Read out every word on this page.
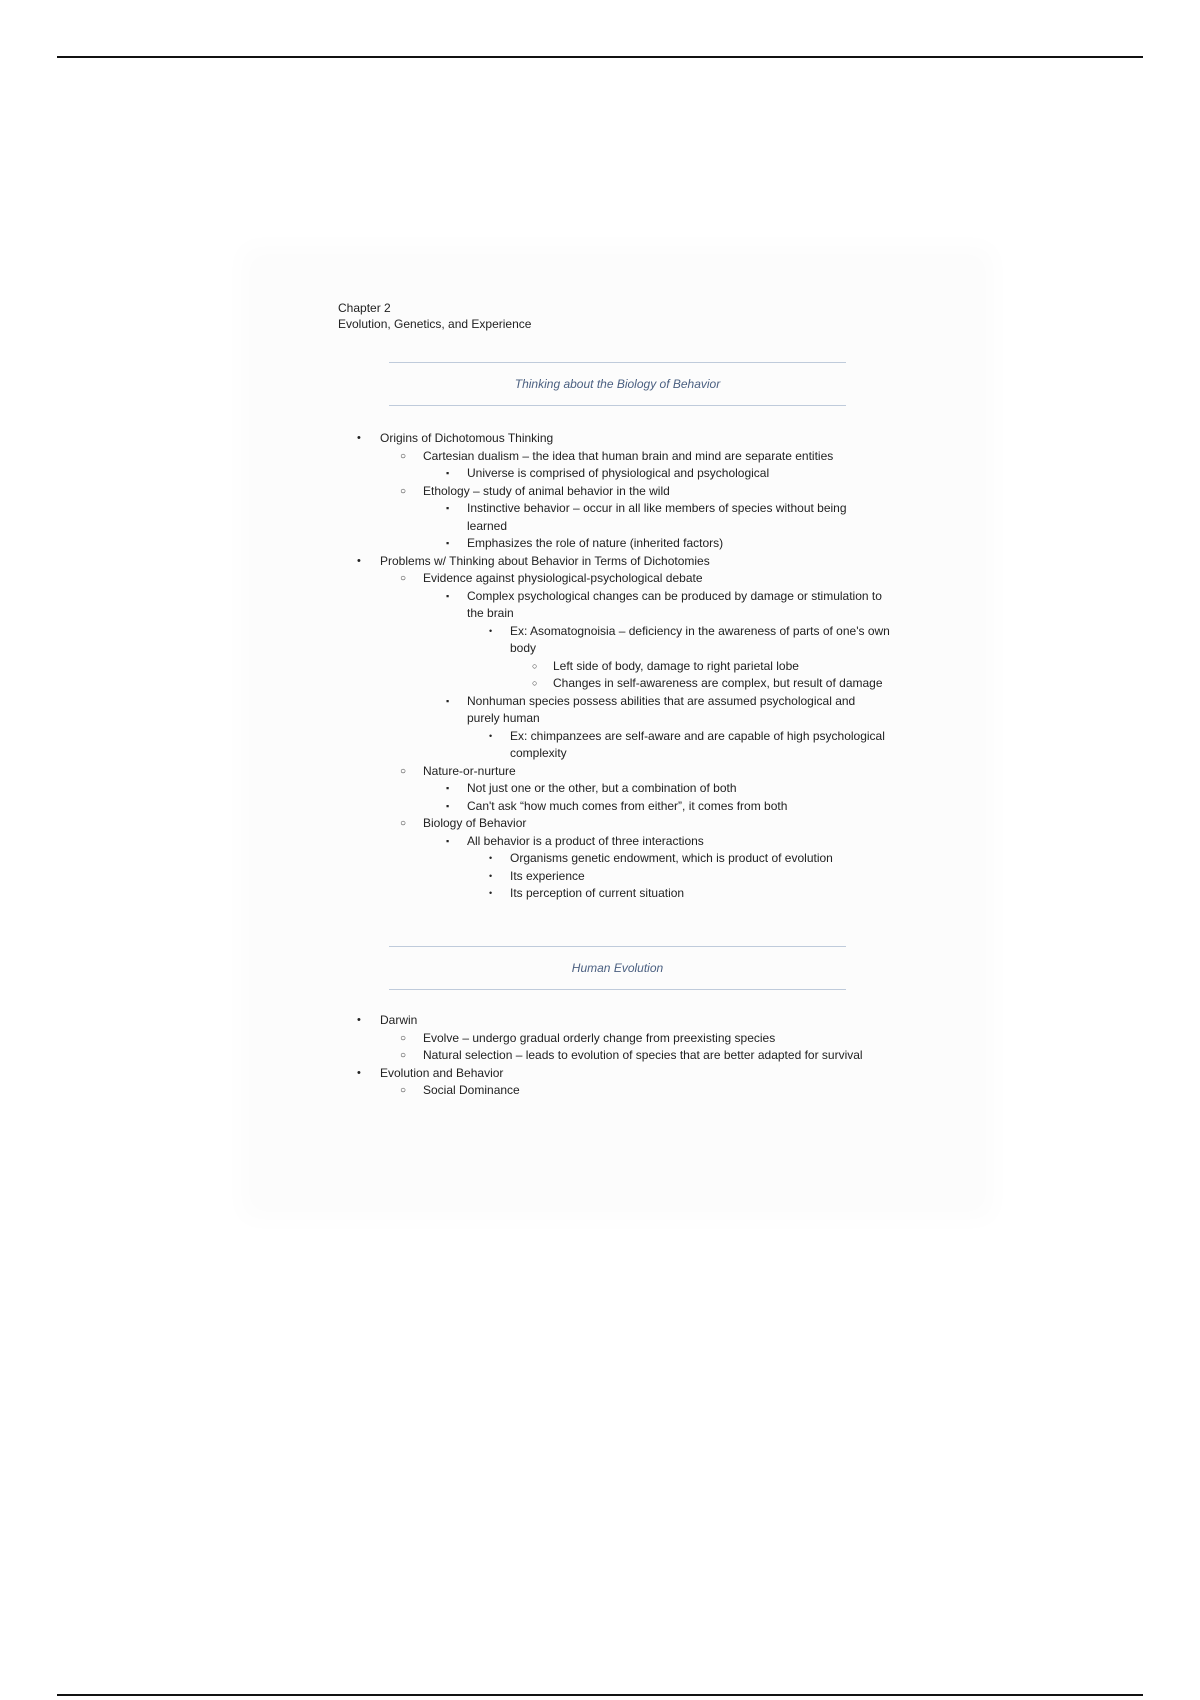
Chapter 2
Evolution, Genetics, and Experience
Thinking about the Biology of Behavior
• Origins of Dichotomous Thinking
○ Cartesian dualism – the idea that human brain and mind are separate entities
▪ Universe is comprised of physiological and psychological
○ Ethology – study of animal behavior in the wild
▪ Instinctive behavior – occur in all like members of species without being learned
▪ Emphasizes the role of nature (inherited factors)
• Problems w/ Thinking about Behavior in Terms of Dichotomies
○ Evidence against physiological-psychological debate
▪ Complex psychological changes can be produced by damage or stimulation to the brain
• Ex: Asomatognoisia – deficiency in the awareness of parts of one's own body
○ Left side of body, damage to right parietal lobe
○ Changes in self-awareness are complex, but result of damage
▪ Nonhuman species possess abilities that are assumed psychological and purely human
• Ex: chimpanzees are self-aware and are capable of high psychological complexity
○ Nature-or-nurture
▪ Not just one or the other, but a combination of both
▪ Can't ask “how much comes from either”, it comes from both
○ Biology of Behavior
▪ All behavior is a product of three interactions
• Organisms genetic endowment, which is product of evolution
• Its experience
• Its perception of current situation
Human Evolution
• Darwin
○ Evolve – undergo gradual orderly change from preexisting species
○ Natural selection – leads to evolution of species that are better adapted for survival
• Evolution and Behavior
○ Social Dominance
